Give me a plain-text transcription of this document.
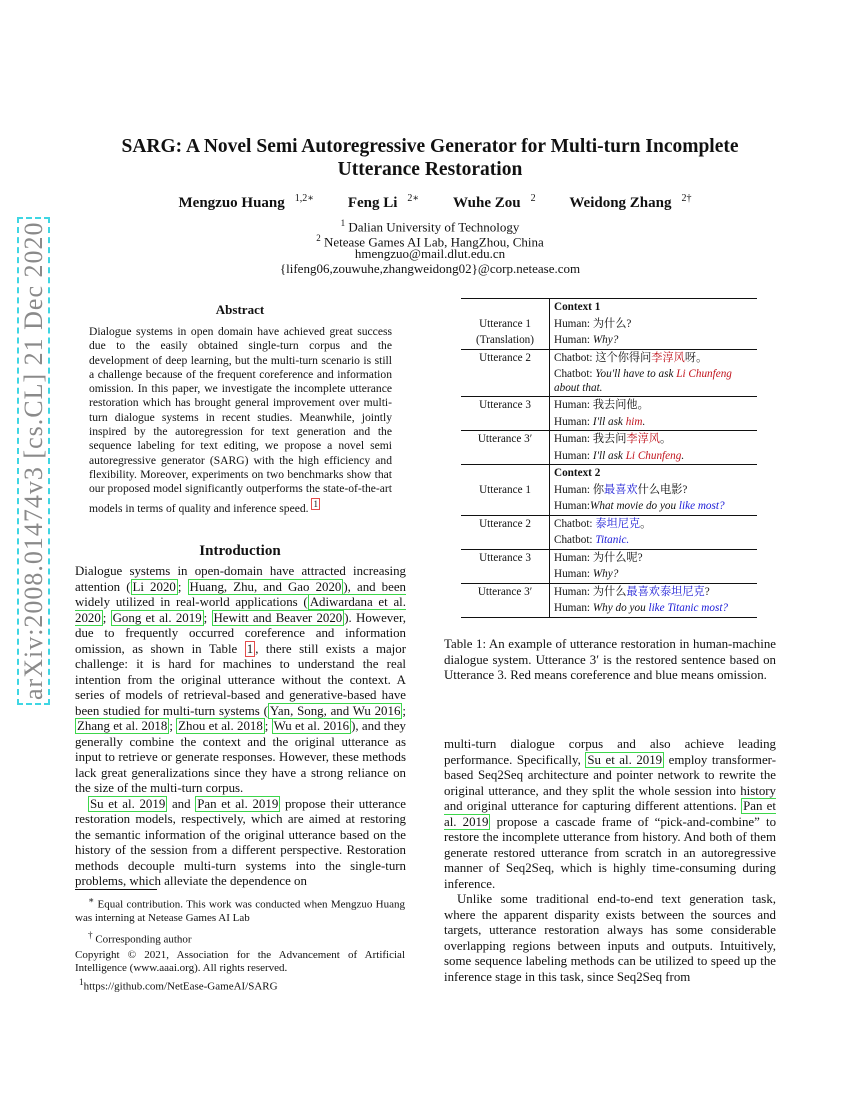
arXiv:2008.01474v3 [cs.CL] 21 Dec 2020
SARG: A Novel Semi Autoregressive Generator for Multi-turn Incomplete
Utterance Restoration
Mengzuo Huang $^{1,2∗}$ Feng Li $^{2∗}$ Wuhe Zou $^2$ Weidong Zhang $^{2\dagger}$
$^1$ Dalian University of Technology
$^2$ Netease Games AI Lab, HangZhou, China
hmengzuo@mail.dlut.edu.cn
{lifeng06,zouwuhe,zhangweidong02}@corp.netease.com
Abstract
Dialogue systems in open domain have achieved great success due to the easily obtained single-turn corpus and the development of deep learning, but the multi-turn scenario is still a challenge because of the frequent coreference and information omission. In this paper, we investigate the incomplete utterance restoration which has brought general improvement over multi-turn dialogue systems in recent studies. Meanwhile, jointly inspired by the autoregression for text generation and the sequence labeling for text editing, we propose a novel semi autoregressive generator (SARG) with the high efficiency and flexibility. Moreover, experiments on two benchmarks show that our proposed model significantly outperforms the state-of-the-art models in terms of quality and inference speed. $^1$
Introduction

Dialogue systems in open-domain have attracted increasing attention ( Li 2020 ; Huang, Zhu, and Gao 2020 ), and been widely utilized in real-world applications ( Adiwardana et al. 2020 ; Gong et al. 2019 ; Hewitt and Beaver 2020 ). However, due to frequently occurred coreference and information omission, as shown in Table 1 , there still exists a major challenge: it is hard for machines to understand the real intention from the original utterance without the context. A series of models of retrieval-based and generative-based have been studied for multi-turn systems ( Yan, Song, and Wu 2016 ; Zhang et al. 2018 ; Zhou et al. 2018 ; Wu et al. 2016 ), and they generally combine the context and the original utterance as input to retrieve or generate responses. However, these methods lack great generalizations since they have a strong reliance on the size of the multi-turn corpus.

Su et al. 2019 and Pan et al. 2019 propose their utterance restoration models, respectively, which are aimed at restoring the semantic information of the original utterance based on the history of the session from a different perspective. Restoration methods decouple multi-turn systems into the single-turn problems, which alleviate the dependence on

∗ Equal contribution. This work was conducted when Mengzuo Huang was interning at Netease Games AI Lab

† Corresponding author

Copyright © 2021, Association for the Advancement of Artificial Intelligence (www.aaai.org). All rights reserved.

$^1$https://github.com/NetEase-GameAI/SARG

	Context 1
Utterance 1	Human: 为什么?
(Translation)	Human: Why?
Utterance 2	Chatbot: 这个你得问李淳风呀。
	Chatbot: You'll have to ask Li Chunfeng
about that.
Utterance 3	Human: 我去问他。
	Human: I'll ask him.
Utterance 3′	Human: 我去问李淳风。
	Human: I'll ask Li Chunfeng.
	Context 2
Utterance 1	Human: 你最喜欢什么电影?
	Human:What movie do you like most?
Utterance 2	Chatbot: 泰坦尼克。
	Chatbot: Titanic.
Utterance 3	Human: 为什么呢?
	Human: Why?
Utterance 3′	Human: 为什么最喜欢泰坦尼克?
	Human: Why do you like Titanic most?
Table 1: An example of utterance restoration in human-machine dialogue system. Utterance 3′ is the restored sentence based on Utterance 3. Red means coreference and blue means omission.

multi-turn dialogue corpus and also achieve leading performance. Specifically, Su et al. 2019 employ transformer-based Seq2Seq architecture and pointer network to rewrite the original utterance, and they split the whole session into history and original utterance for capturing different attentions. Pan et al. 2019 propose a cascade frame of “pick-and-combine” to restore the incomplete utterance from history. And both of them generate restored utterance from scratch in an autoregressive manner of Seq2Seq, which is highly time-consuming during inference.

Unlike some traditional end-to-end text generation task, where the apparent disparity exists between the sources and targets, utterance restoration always has some considerable overlapping regions between inputs and outputs. Intuitively, some sequence labeling methods can be utilized to speed up the inference stage in this task, since Seq2Seq from
